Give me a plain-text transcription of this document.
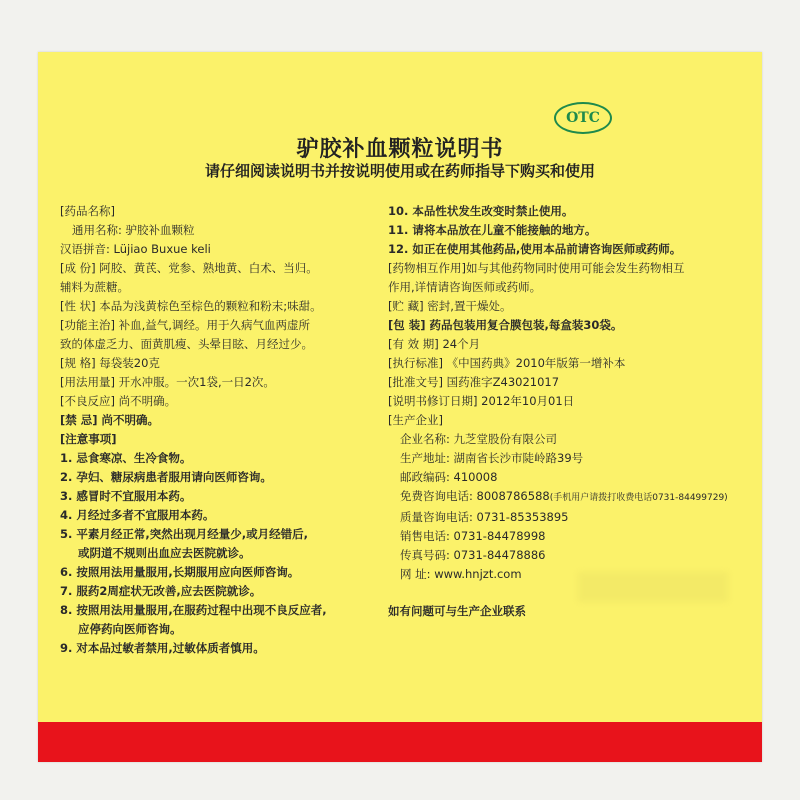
OTC
驴胶补血颗粒说明书
请仔细阅读说明书并按说明使用或在药师指导下购买和使用
[药品名称]
通用名称: 驴胶补血颗粒
汉语拼音: Lüjiao Buxue keli
[成 份] 阿胶、黄芪、党参、熟地黄、白术、当归。
辅料为蔗糖。
[性 状] 本品为浅黄棕色至棕色的颗粒和粉末;味甜。
[功能主治] 补血,益气,调经。用于久病气血两虚所
致的体虚乏力、面黄肌瘦、头晕目眩、月经过少。
[规 格] 每袋装20克
[用法用量] 开水冲服。一次1袋,一日2次。
[不良反应] 尚不明确。
[禁 忌] 尚不明确。
[注意事项]
1. 忌食寒凉、生冷食物。
2. 孕妇、糖尿病患者服用请向医师咨询。
3. 感冒时不宜服用本药。
4. 月经过多者不宜服用本药。
5. 平素月经正常,突然出现月经量少,或月经错后,
或阴道不规则出血应去医院就诊。
6. 按照用法用量服用,长期服用应向医师咨询。
7. 服药2周症状无改善,应去医院就诊。
8. 按照用法用量服用,在服药过程中出现不良反应者,
应停药向医师咨询。
9. 对本品过敏者禁用,过敏体质者慎用。
10. 本品性状发生改变时禁止使用。
11. 请将本品放在儿童不能接触的地方。
12. 如正在使用其他药品,使用本品前请咨询医师或药师。
[药物相互作用]如与其他药物同时使用可能会发生药物相互
作用,详情请咨询医师或药师。
[贮 藏] 密封,置干燥处。
[包 装] 药品包装用复合膜包装,每盒装30袋。
[有 效 期] 24个月
[执行标准] 《中国药典》2010年版第一增补本
[批准文号] 国药准字Z43021017
[说明书修订日期] 2012年10月01日
[生产企业]
企业名称: 九芝堂股份有限公司
生产地址: 湖南省长沙市陡岭路39号
邮政编码: 410008
免费咨询电话: 8008786588(手机用户请拨打收费电话0731-84499729)
质量咨询电话: 0731-85353895
销售电话: 0731-84478998
传真号码: 0731-84478886
网 址: www.hnjzt.com
如有问题可与生产企业联系
